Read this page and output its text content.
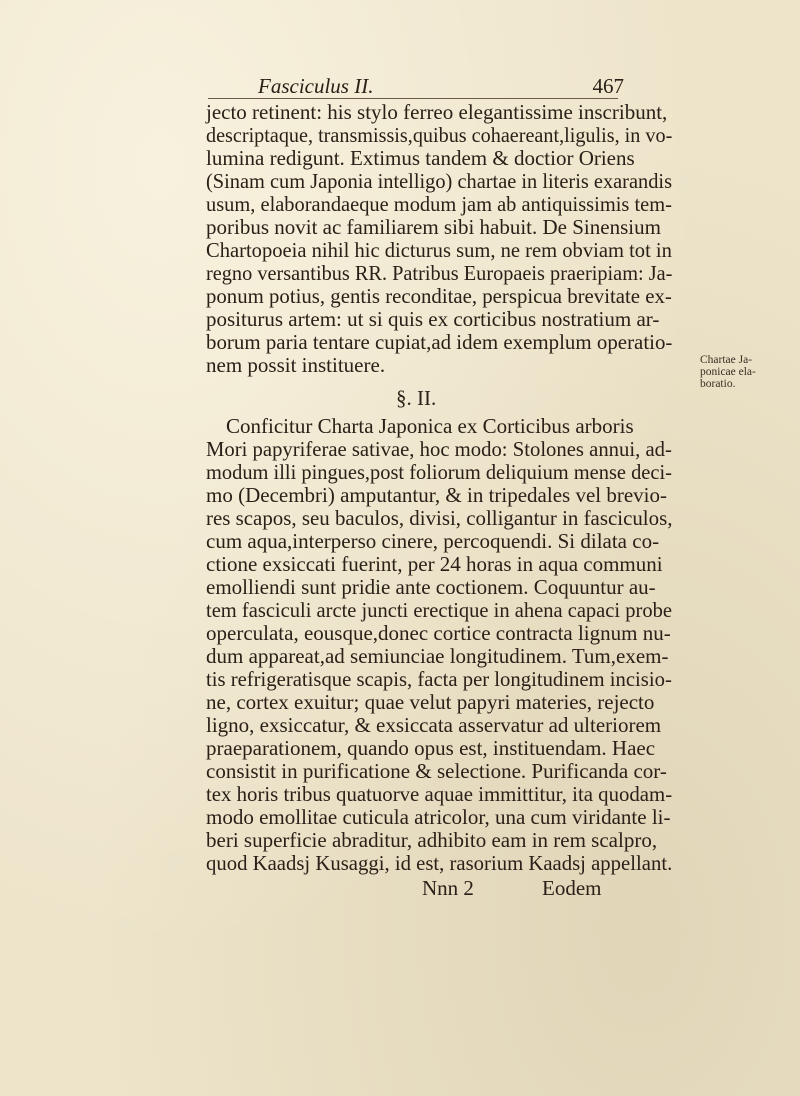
Fasciculus II.	467
jecto retinent: his stylo ferreo elegantissime inscribunt,
descriptaque, transmissis,quibus cohaereant,ligulis, in vo-
lumina redigunt. Extimus tandem & doctior Oriens
(Sinam cum Japonia intelligo) chartae in literis exarandis
usum, elaborandaeque modum jam ab antiquissimis tem-
poribus novit ac familiarem sibi habuit. De Sinensium
Chartopoeia nihil hic dicturus sum, ne rem obviam tot in
regno versantibus RR. Patribus Europaeis praeripiam: Ja-
ponum potius, gentis reconditae, perspicua brevitate ex-
positurus artem: ut si quis ex corticibus nostratium ar-
borum paria tentare cupiat,ad idem exemplum operatio-
nem possit instituere.
§. II.
Conficitur Charta Japonica ex Corticibus arboris
Mori papyriferae sativae, hoc modo: Stolones annui, ad-
modum illi pingues,post foliorum deliquium mense deci-
mo (Decembri) amputantur, & in tripedales vel brevio-
res scapos, seu baculos, divisi, colligantur in fasciculos,
cum aqua,interperso cinere, percoquendi. Si dilata co-
ctione exsiccati fuerint, per 24 horas in aqua communi
emolliendi sunt pridie ante coctionem. Coquuntur au-
tem fasciculi arcte juncti erectique in ahena capaci probe
operculata, eousque,donec cortice contracta lignum nu-
dum appareat,ad semiunciae longitudinem. Tum,exem-
tis refrigeratisque scapis, facta per longitudinem incisio-
ne, cortex exuitur; quae velut papyri materies, rejecto
ligno, exsiccatur, & exsiccata asservatur ad ulteriorem
praeparationem, quando opus est, instituendam. Haec
consistit in purificatione & selectione. Purificanda cor-
tex horis tribus quatuorve aquae immittitur, ita quodam-
modo emollitae cuticula atricolor, una cum viridante li-
beri superficie abraditur, adhibito eam in rem scalpro,
quod Kaadsj Kusaggi, id est, rasorium Kaadsj appellant.
Nnn 2	Eodem
Chartae Ja-
ponicae ela-
boratio.
